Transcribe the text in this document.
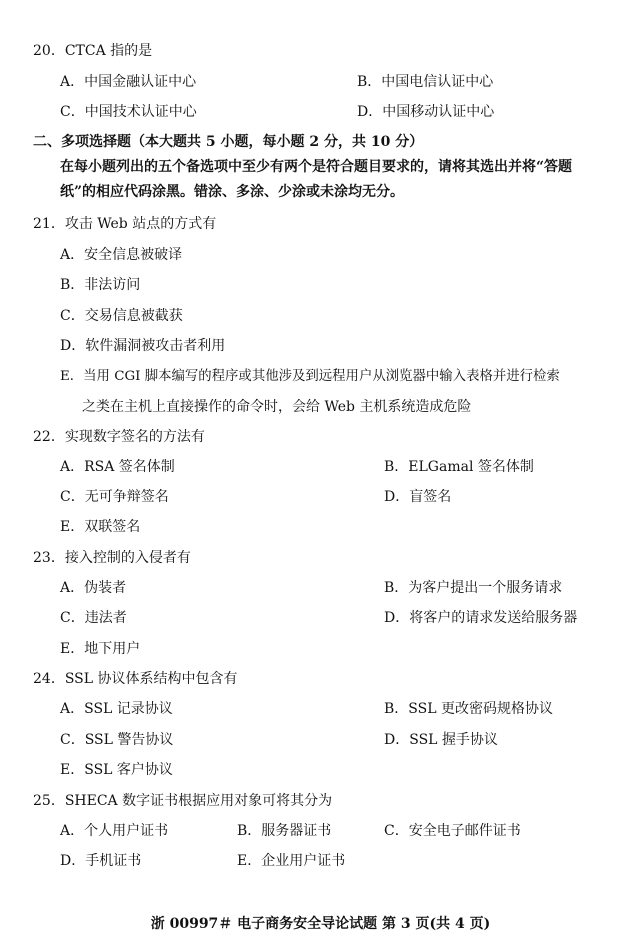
20．CTCA 指的是
A．中国金融认证中心	B．中国电信认证中心
C．中国技术认证中心	D．中国移动认证中心
二、多项选择题（本大题共 5 小题，每小题 2 分，共 10 分）
在每小题列出的五个备选项中至少有两个是符合题目要求的，请将其选出并将“答题
纸”的相应代码涂黑。错涂、多涂、少涂或未涂均无分。
21．攻击 Web 站点的方式有
A．安全信息被破译
B．非法访问
C．交易信息被截获
D．软件漏洞被攻击者利用
E．当用 CGI 脚本编写的程序或其他涉及到远程用户从浏览器中输入表格并进行检索
之类在主机上直接操作的命令时，会给 Web 主机系统造成危险
22．实现数字签名的方法有
A．RSA 签名体制	B．ELGamal 签名体制
C．无可争辩签名	D．盲签名
E．双联签名
23．接入控制的入侵者有
A．伪装者	B．为客户提出一个服务请求
C．违法者	D．将客户的请求发送给服务器
E．地下用户
24．SSL 协议体系结构中包含有
A．SSL 记录协议	B．SSL 更改密码规格协议
C．SSL 警告协议	D．SSL 握手协议
E．SSL 客户协议
25．SHECA 数字证书根据应用对象可将其分为
A．个人用户证书	B．服务器证书	C．安全电子邮件证书
D．手机证书	E．企业用户证书
浙 00997＃ 电子商务安全导论试题 第 3 页(共 4 页)
